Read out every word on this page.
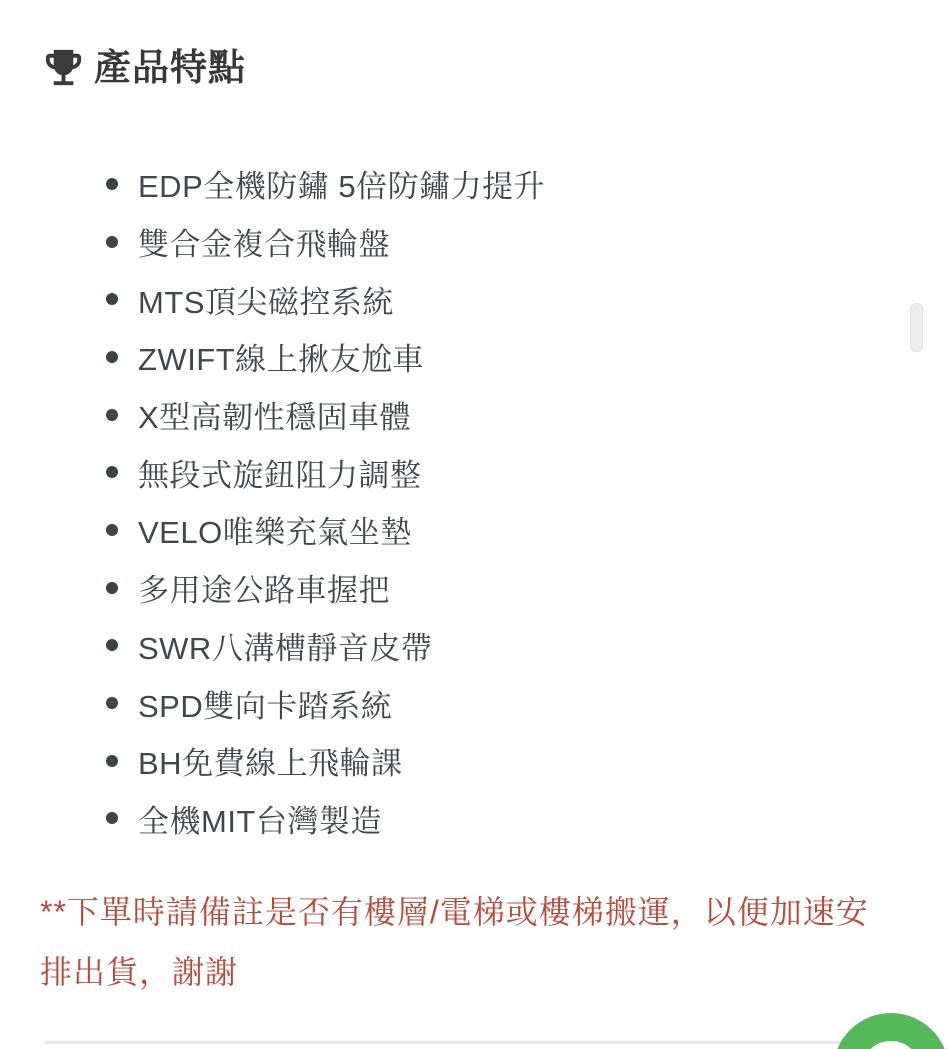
產品特點
EDP全機防鏽 5倍防鏽力提升
雙合金複合飛輪盤
MTS頂尖磁控系統
ZWIFT線上揪友尬車
X型高韌性穩固車體
無段式旋鈕阻力調整
VELO唯樂充氣坐墊
多用途公路車握把
SWR八溝槽靜音皮帶
SPD雙向卡踏系統
BH免費線上飛輪課
全機MIT台灣製造
**下單時請備註是否有樓層/電梯或樓梯搬運，以便加速安排出貨，謝謝
